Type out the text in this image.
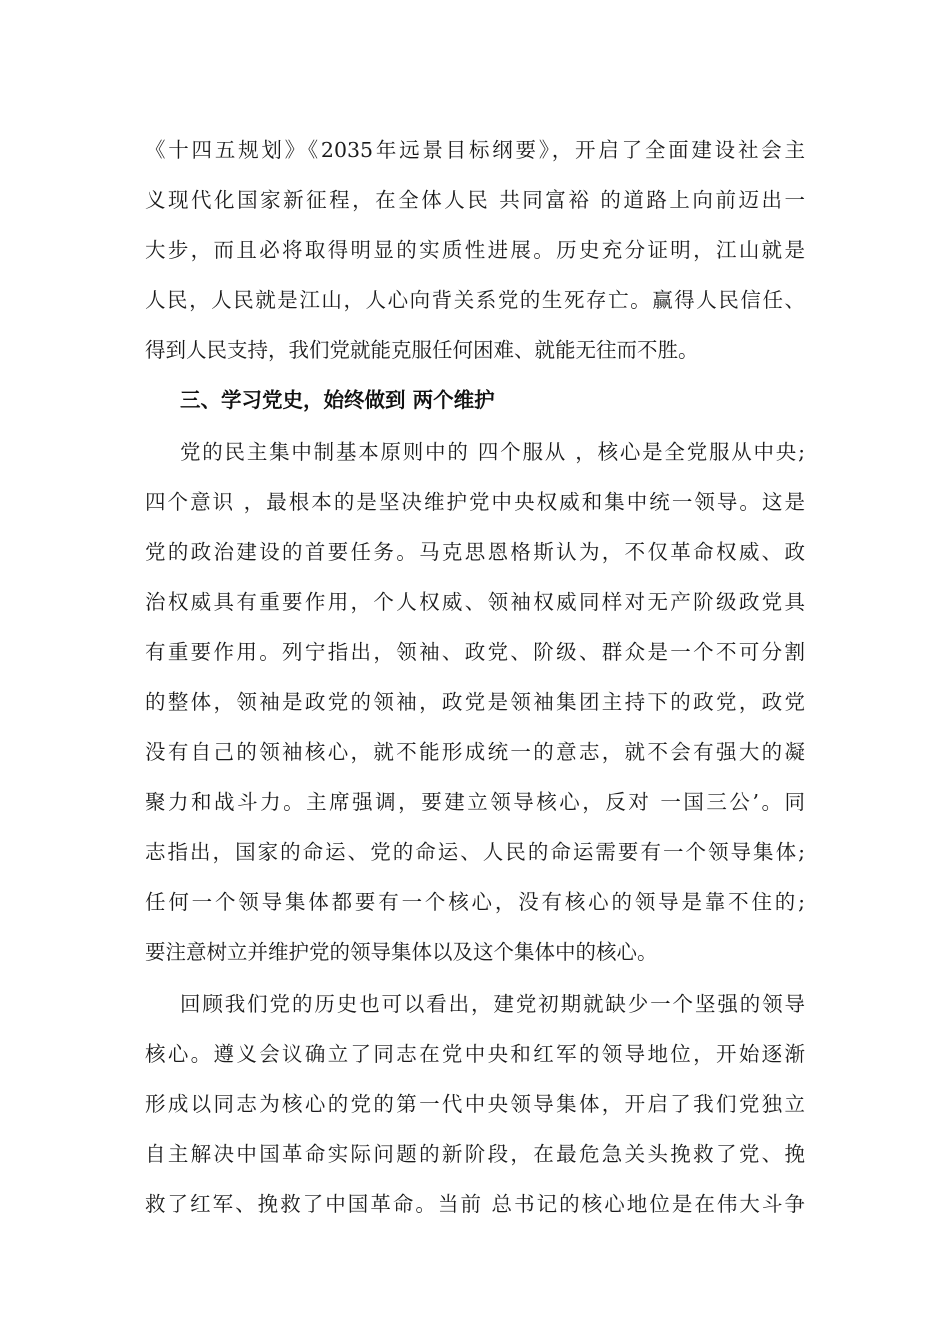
《十四五规划》《2035年远景目标纲要》，开启了全面建设社会主
义现代化国家新征程，在全体人民 共同富裕 的道路上向前迈出一
大步，而且必将取得明显的实质性进展。历史充分证明，江山就是
人民，人民就是江山，人心向背关系党的生死存亡。赢得人民信任、
得到人民支持，我们党就能克服任何困难、就能无往而不胜。
三、学习党史，始终做到 两个维护
党的民主集中制基本原则中的 四个服从 ，核心是全党服从中央;
四个意识 ，最根本的是坚决维护党中央权威和集中统一领导。这是
党的政治建设的首要任务。马克思恩格斯认为，不仅革命权威、政
治权威具有重要作用，个人权威、领袖权威同样对无产阶级政党具
有重要作用。列宁指出，领袖、政党、阶级、群众是一个不可分割
的整体，领袖是政党的领袖，政党是领袖集团主持下的政党，政党
没有自己的领袖核心，就不能形成统一的意志，就不会有强大的凝
聚力和战斗力。主席强调，要建立领导核心，反对 一国三公’。同
志指出，国家的命运、党的命运、人民的命运需要有一个领导集体;
任何一个领导集体都要有一个核心，没有核心的领导是靠不住的;
要注意树立并维护党的领导集体以及这个集体中的核心。
回顾我们党的历史也可以看出，建党初期就缺少一个坚强的领导
核心。遵义会议确立了同志在党中央和红军的领导地位，开始逐渐
形成以同志为核心的党的第一代中央领导集体，开启了我们党独立
自主解决中国革命实际问题的新阶段，在最危急关头挽救了党、挽
救了红军、挽救了中国革命。当前 总书记的核心地位是在伟大斗争
